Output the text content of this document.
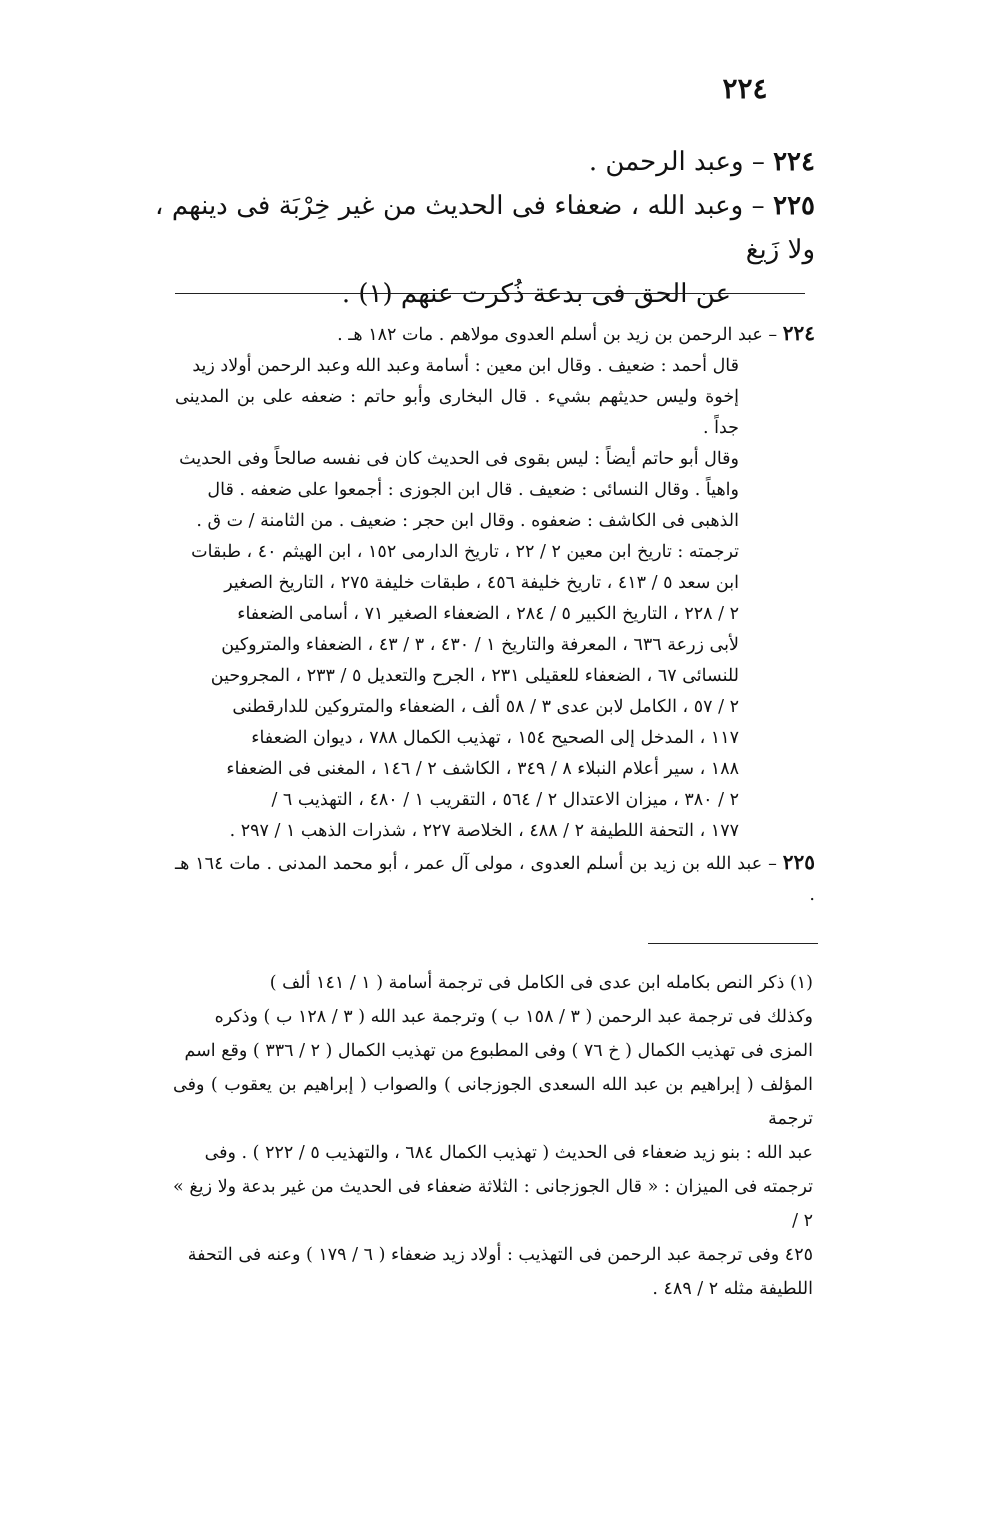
٢٢٤
٢٢٤ – وعبد الرحمن .
٢٢٥ – وعبد الله ، ضعفاء فى الحديث من غير خِرْبَة فى دينهم ، ولا زَيغ
عن الحق فى بدعة ذُكرت عنهم (١) .
٢٢٤ – عبد الرحمن بن زيد بن أسلم العدوى مولاهم . مات ١٨٢ هـ .
قال أحمد : ضعيف . وقال ابن معين : أسامة وعبد الله وعبد الرحمن أولاد زيد
إخوة وليس حديثهم بشيء . قال البخارى وأبو حاتم : ضعفه على بن المدينى جداً .
وقال أبو حاتم أيضاً : ليس بقوى فى الحديث كان فى نفسه صالحاً وفى الحديث
واهياً . وقال النسائى : ضعيف . قال ابن الجوزى : أجمعوا على ضعفه . قال
الذهبى فى الكاشف : ضعفوه . وقال ابن حجر : ضعيف . من الثامنة / ت ق .
ترجمته : تاريخ ابن معين ٢ / ٢٢ ، تاريخ الدارمى ١٥٢ ، ابن الهيثم ٤٠ ، طبقات
ابن سعد ٥ / ٤١٣ ، تاريخ خليفة ٤٥٦ ، طبقات خليفة ٢٧٥ ، التاريخ الصغير
٢ / ٢٢٨ ، التاريخ الكبير ٥ / ٢٨٤ ، الضعفاء الصغير ٧١ ، أسامى الضعفاء
لأبى زرعة ٦٣٦ ، المعرفة والتاريخ ١ / ٤٣٠ ، ٣ / ٤٣ ، الضعفاء والمتروكين
للنسائى ٦٧ ، الضعفاء للعقيلى ٢٣١ ، الجرح والتعديل ٥ / ٢٣٣ ، المجروحين
٢ / ٥٧ ، الكامل لابن عدى ٣ / ٥٨ ألف ، الضعفاء والمتروكين للدارقطنى
١١٧ ، المدخل إلى الصحيح ١٥٤ ، تهذيب الكمال ٧٨٨ ، ديوان الضعفاء
١٨٨ ، سير أعلام النبلاء ٨ / ٣٤٩ ، الكاشف ٢ / ١٤٦ ، المغنى فى الضعفاء
٢ / ٣٨٠ ، ميزان الاعتدال ٢ / ٥٦٤ ، التقريب ١ / ٤٨٠ ، التهذيب ٦ /
١٧٧ ، التحفة اللطيفة ٢ / ٤٨٨ ، الخلاصة ٢٢٧ ، شذرات الذهب ١ / ٢٩٧ .
٢٢٥ – عبد الله بن زيد بن أسلم العدوى ، مولى آل عمر ، أبو محمد المدنى . مات ١٦٤ هـ .
(١) ذكر النص بكامله ابن عدى فى الكامل فى ترجمة أسامة ( ١ / ١٤١ ألف )
وكذلك فى ترجمة عبد الرحمن ( ٣ / ١٥٨ ب ) وترجمة عبد الله ( ٣ / ١٢٨ ب ) وذكره
المزى فى تهذيب الكمال ( خ ٧٦ ) وفى المطبوع من تهذيب الكمال ( ٢ / ٣٣٦ ) وقع اسم
المؤلف ( إبراهيم بن عبد الله السعدى الجوزجانى ) والصواب ( إبراهيم بن يعقوب ) وفى ترجمة
عبد الله : بنو زيد ضعفاء فى الحديث ( تهذيب الكمال ٦٨٤ ، والتهذيب ٥ / ٢٢٢ ) . وفى
ترجمته فى الميزان : « قال الجوزجانى : الثلاثة ضعفاء فى الحديث من غير بدعة ولا زيغ » ٢ /
٤٢٥ وفى ترجمة عبد الرحمن فى التهذيب : أولاد زيد ضعفاء ( ٦ / ١٧٩ ) وعنه فى التحفة
اللطيفة مثله ٢ / ٤٨٩ .
